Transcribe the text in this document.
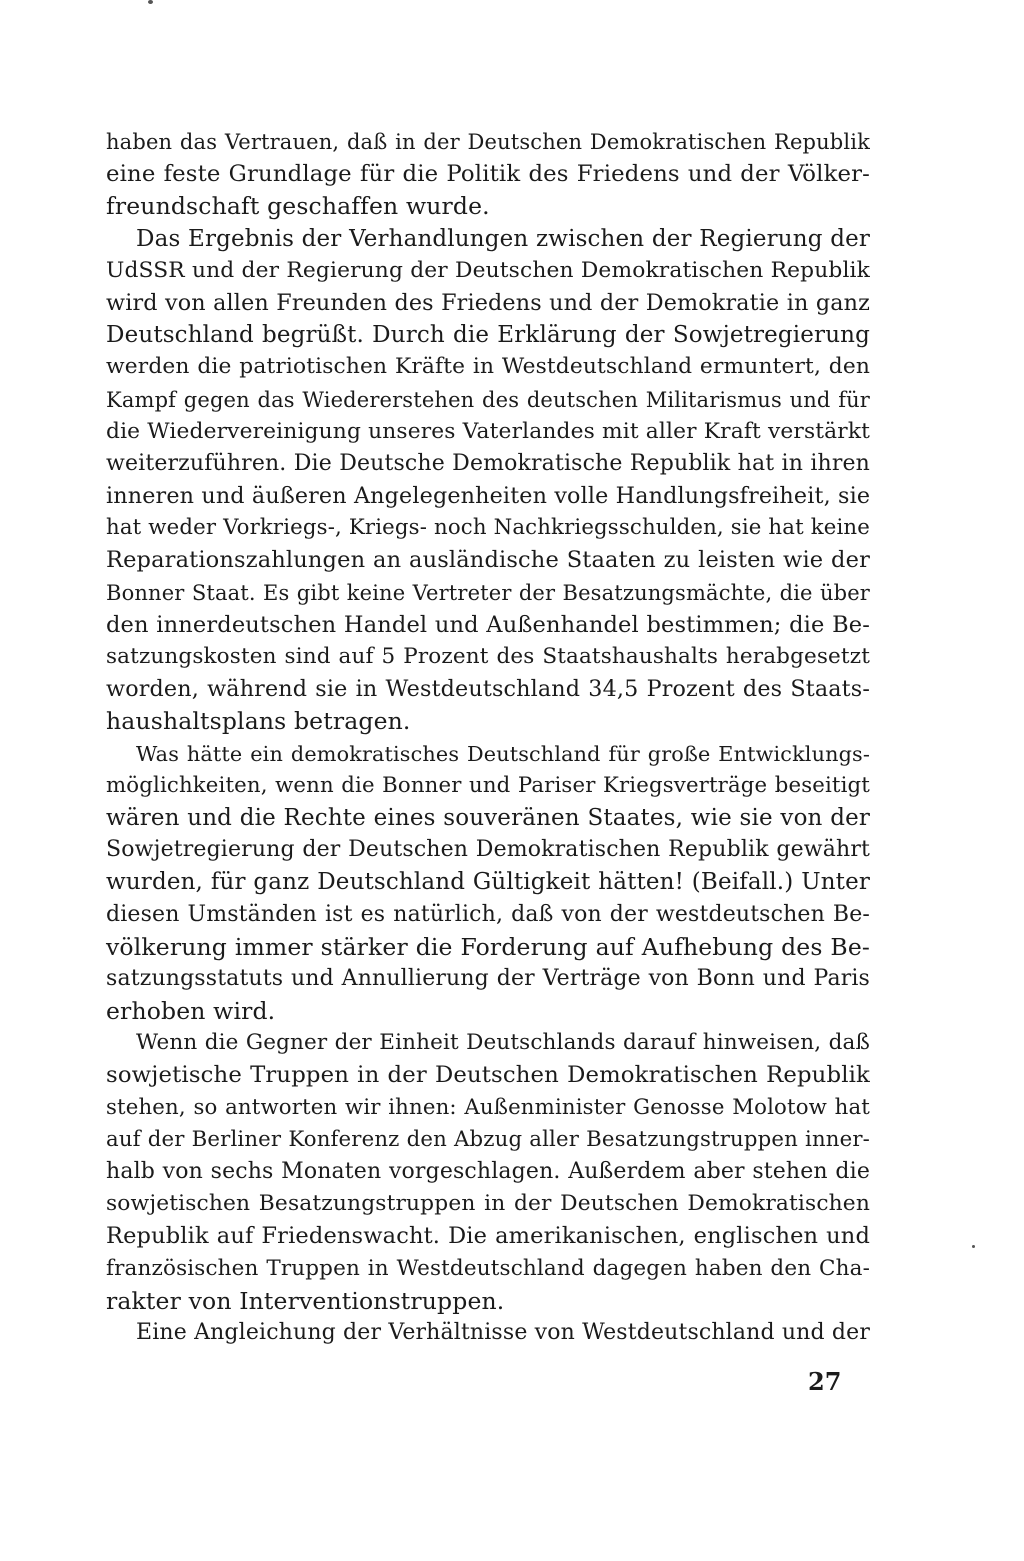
haben das Vertrauen, daß in der Deutschen Demokratischen Republik
eine feste Grundlage für die Politik des Friedens und der Völker-
freundschaft geschaffen wurde.
Das Ergebnis der Verhandlungen zwischen der Regierung der
UdSSR und der Regierung der Deutschen Demokratischen Republik
wird von allen Freunden des Friedens und der Demokratie in ganz
Deutschland begrüßt. Durch die Erklärung der Sowjetregierung
werden die patriotischen Kräfte in Westdeutschland ermuntert, den
Kampf gegen das Wiedererstehen des deutschen Militarismus und für
die Wiedervereinigung unseres Vaterlandes mit aller Kraft verstärkt
weiterzuführen. Die Deutsche Demokratische Republik hat in ihren
inneren und äußeren Angelegenheiten volle Handlungsfreiheit, sie
hat weder Vorkriegs-, Kriegs- noch Nachkriegsschulden, sie hat keine
Reparationszahlungen an ausländische Staaten zu leisten wie der
Bonner Staat. Es gibt keine Vertreter der Besatzungsmächte, die über
den innerdeutschen Handel und Außenhandel bestimmen; die Be-
satzungskosten sind auf 5 Prozent des Staatshaushalts herabgesetzt
worden, während sie in Westdeutschland 34,5 Prozent des Staats-
haushaltsplans betragen.
Was hätte ein demokratisches Deutschland für große Entwicklungs-
möglichkeiten, wenn die Bonner und Pariser Kriegsverträge beseitigt
wären und die Rechte eines souveränen Staates, wie sie von der
Sowjetregierung der Deutschen Demokratischen Republik gewährt
wurden, für ganz Deutschland Gültigkeit hätten! (Beifall.) Unter
diesen Umständen ist es natürlich, daß von der westdeutschen Be-
völkerung immer stärker die Forderung auf Aufhebung des Be-
satzungsstatuts und Annullierung der Verträge von Bonn und Paris
erhoben wird.
Wenn die Gegner der Einheit Deutschlands darauf hinweisen, daß
sowjetische Truppen in der Deutschen Demokratischen Republik
stehen, so antworten wir ihnen: Außenminister Genosse Molotow hat
auf der Berliner Konferenz den Abzug aller Besatzungstruppen inner-
halb von sechs Monaten vorgeschlagen. Außerdem aber stehen die
sowjetischen Besatzungstruppen in der Deutschen Demokratischen
Republik auf Friedenswacht. Die amerikanischen, englischen und
französischen Truppen in Westdeutschland dagegen haben den Cha-
rakter von Interventionstruppen.
Eine Angleichung der Verhältnisse von Westdeutschland und der
27
